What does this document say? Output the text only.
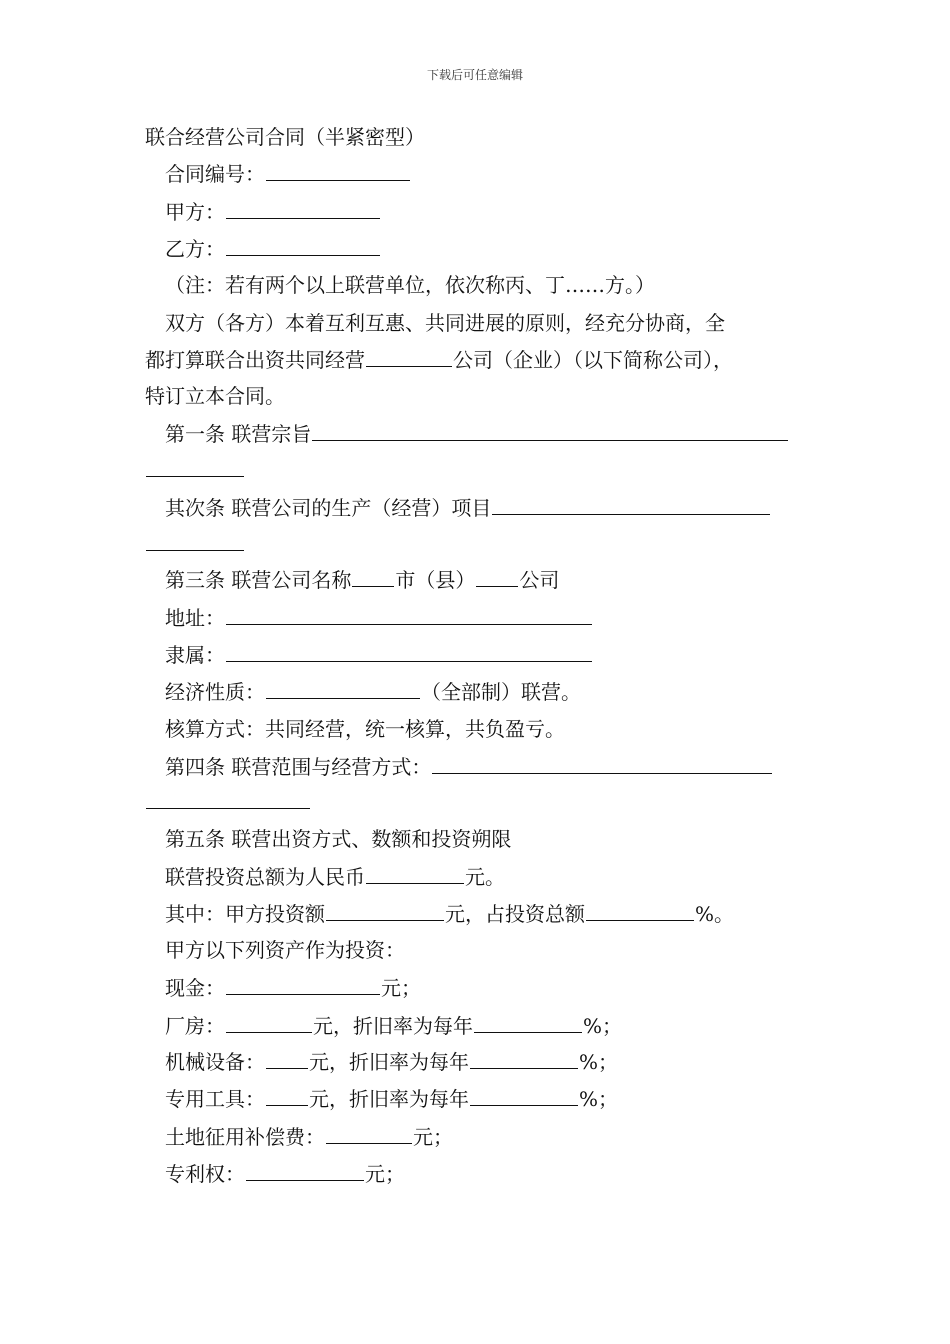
下载后可任意编辑
联合经营公司合同（半紧密型）
合同编号：
甲方：
乙方：
（注：若有两个以上联营单位，依次称丙、丁……方。）
双方（各方）本着互利互惠、共同进展的原则，经充分协商，全
都打算联合出资共同经营	公司（企业）（以下简称公司），
特订立本合同。
第一条 联营宗旨
其次条 联营公司的生产（经营）项目
第三条 联营公司名称 市（县） 公司
地址：
隶属：
经济性质：	（全部制）联营。
核算方式：共同经营，统一核算，共负盈亏。
第四条 联营范围与经营方式：
第五条 联营出资方式、数额和投资朔限
联营投资总额为人民币	元。
其中：甲方投资额	元，占投资总额	%。
甲方以下列资产作为投资：
现金：	元；
厂房：	元，折旧率为每年	%；
机械设备： 元，折旧率为每年	%；
专用工具： 元，折旧率为每年	%；
土地征用补偿费：	元；
专利权：	元；
